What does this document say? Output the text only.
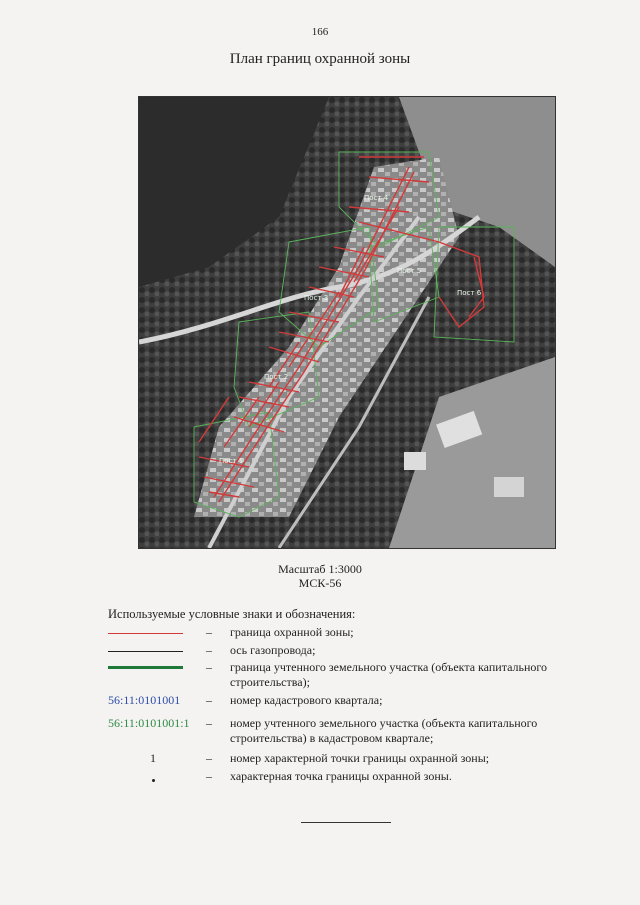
166
План границ охранной зоны
Пост 1
Пост 2
Пост 3
Пост 4
Пост 5
Пост 6
Масштаб 1:3000
МСК-56
Используемые условные знаки и обозначения:
– граница охранной зоны;
– ось газопровода;
– граница учтенного земельного участка (объекта капитального строительства);
56:11:0101001 – номер кадастрового квартала;
56:11:0101001:1 – номер учтенного земельного участка (объекта капитального строительства) в кадастровом квартале;
1	– номер характерной точки границы охранной зоны;
– характерная точка границы охранной зоны.
